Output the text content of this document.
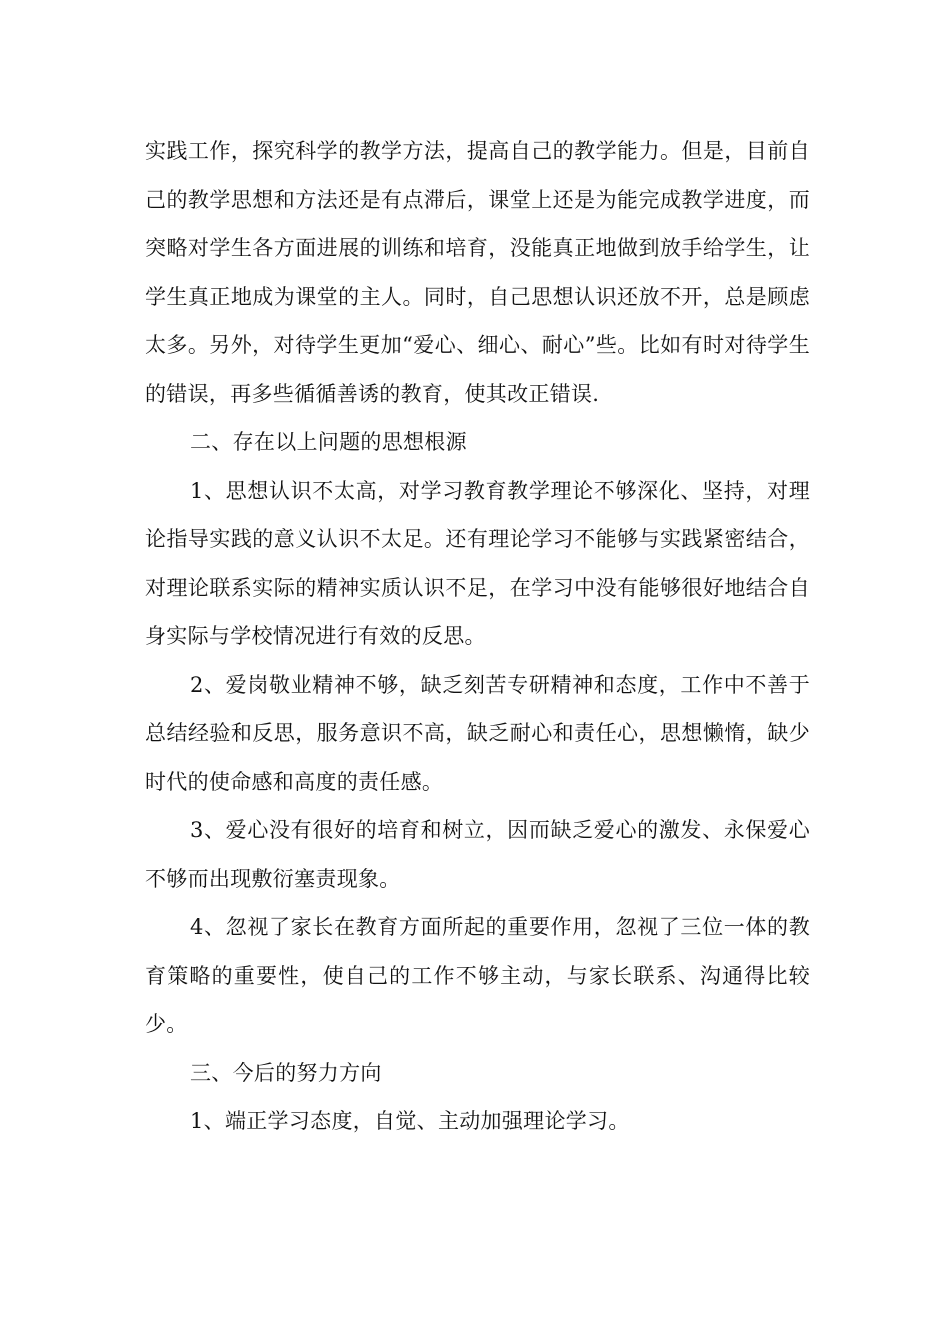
实践工作，探究科学的教学方法，提高自己的教学能力。但是，目前自己的教学思想和方法还是有点滞后，课堂上还是为能完成教学进度，而突略对学生各方面进展的训练和培育，没能真正地做到放手给学生，让学生真正地成为课堂的主人。同时，自己思想认识还放不开，总是顾虑太多。另外，对待学生更加“爱心、细心、耐心”些。比如有时对待学生的错误，再多些循循善诱的教育，使其改正错误.

二、存在以上问题的思想根源

1、思想认识不太高，对学习教育教学理论不够深化、坚持，对理论指导实践的意义认识不太足。还有理论学习不能够与实践紧密结合，对理论联系实际的精神实质认识不足，在学习中没有能够很好地结合自身实际与学校情况进行有效的反思。

2、爱岗敬业精神不够，缺乏刻苦专研精神和态度，工作中不善于总结经验和反思，服务意识不高，缺乏耐心和责任心，思想懒惰，缺少时代的使命感和高度的责任感。

3、爱心没有很好的培育和树立，因而缺乏爱心的激发、永保爱心不够而出现敷衍塞责现象。

4、忽视了家长在教育方面所起的重要作用，忽视了三位一体的教育策略的重要性，使自己的工作不够主动，与家长联系、沟通得比较少。

三、今后的努力方向

1、端正学习态度，自觉、主动加强理论学习。
